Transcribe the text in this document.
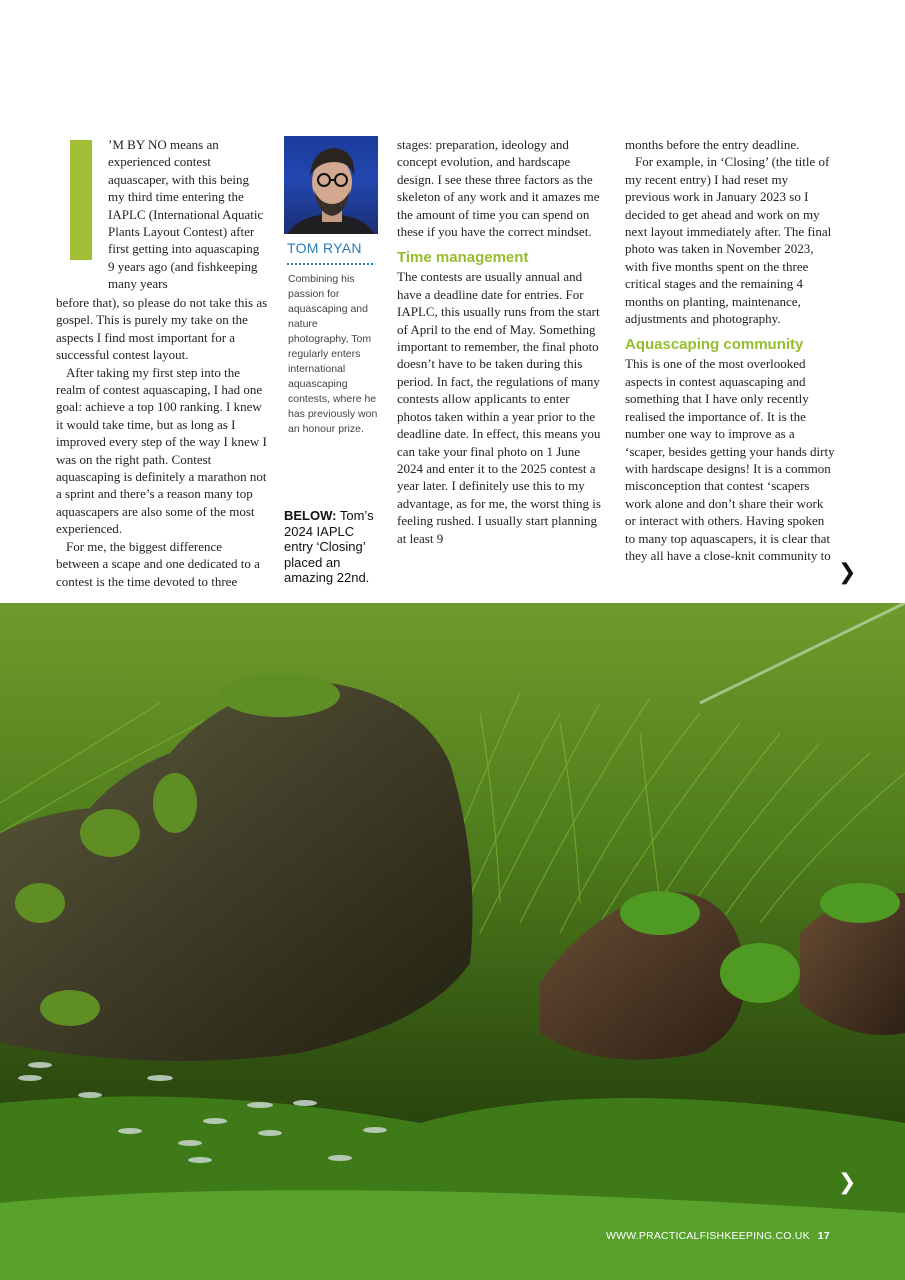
’M BY NO means an experienced contest aquascaper, with this being my third time entering the IAPLC (International Aquatic Plants Layout Contest) after first getting into aquascaping 9 years ago (and fishkeeping many years

before that), so please do not take this as gospel. This is purely my take on the aspects I find most important for a successful contest layout.

After taking my first step into the realm of contest aquascaping, I had one goal: achieve a top 100 ranking. I knew it would take time, but as long as I improved every step of the way I knew I was on the right path. Contest aquascaping is definitely a marathon not a sprint and there’s a reason many top aquascapers are also some of the most experienced.

For me, the biggest difference between a scape and one dedicated to a contest is the time devoted to three

TOM RYAN
Combining his passion for aquascaping and nature photography, Tom regularly enters international aquascaping contests, where he has previously won an honour prize.
BELOW: Tom’s 2024 IAPLC entry ‘Closing’ placed an amazing 22nd.

stages: preparation, ideology and concept evolution, and hardscape design. I see these three factors as the skeleton of any work and it amazes me the amount of time you can spend on these if you have the correct mindset.

Time management

The contests are usually annual and have a deadline date for entries. For IAPLC, this usually runs from the start of April to the end of May. Something important to remember, the final photo doesn’t have to be taken during this period. In fact, the regulations of many contests allow applicants to enter photos taken within a year prior to the deadline date. In effect, this means you can take your final photo on 1 June 2024 and enter it to the 2025 contest a year later. I definitely use this to my advantage, as for me, the worst thing is feeling rushed. I usually start planning at least 9

months before the entry deadline.

For example, in ‘Closing’ (the title of my recent entry) I had reset my previous work in January 2023 so I decided to get ahead and work on my next layout immediately after. The final photo was taken in November 2023, with five months spent on the three critical stages and the remaining 4 months on planting, maintenance, adjustments and photography.

Aquascaping community

This is one of the most overlooked aspects in contest aquascaping and something that I have only recently realised the importance of. It is the number one way to improve as a ‘scaper, besides getting your hands dirty with hardscape designs! It is a common misconception that contest ‘scapers work alone and don’t share their work or interact with others. Having spoken to many top aquascapers, it is clear that they all have a close-knit community to

❯
❯
WWW.PRACTICALFISHKEEPING.CO.UK 17
